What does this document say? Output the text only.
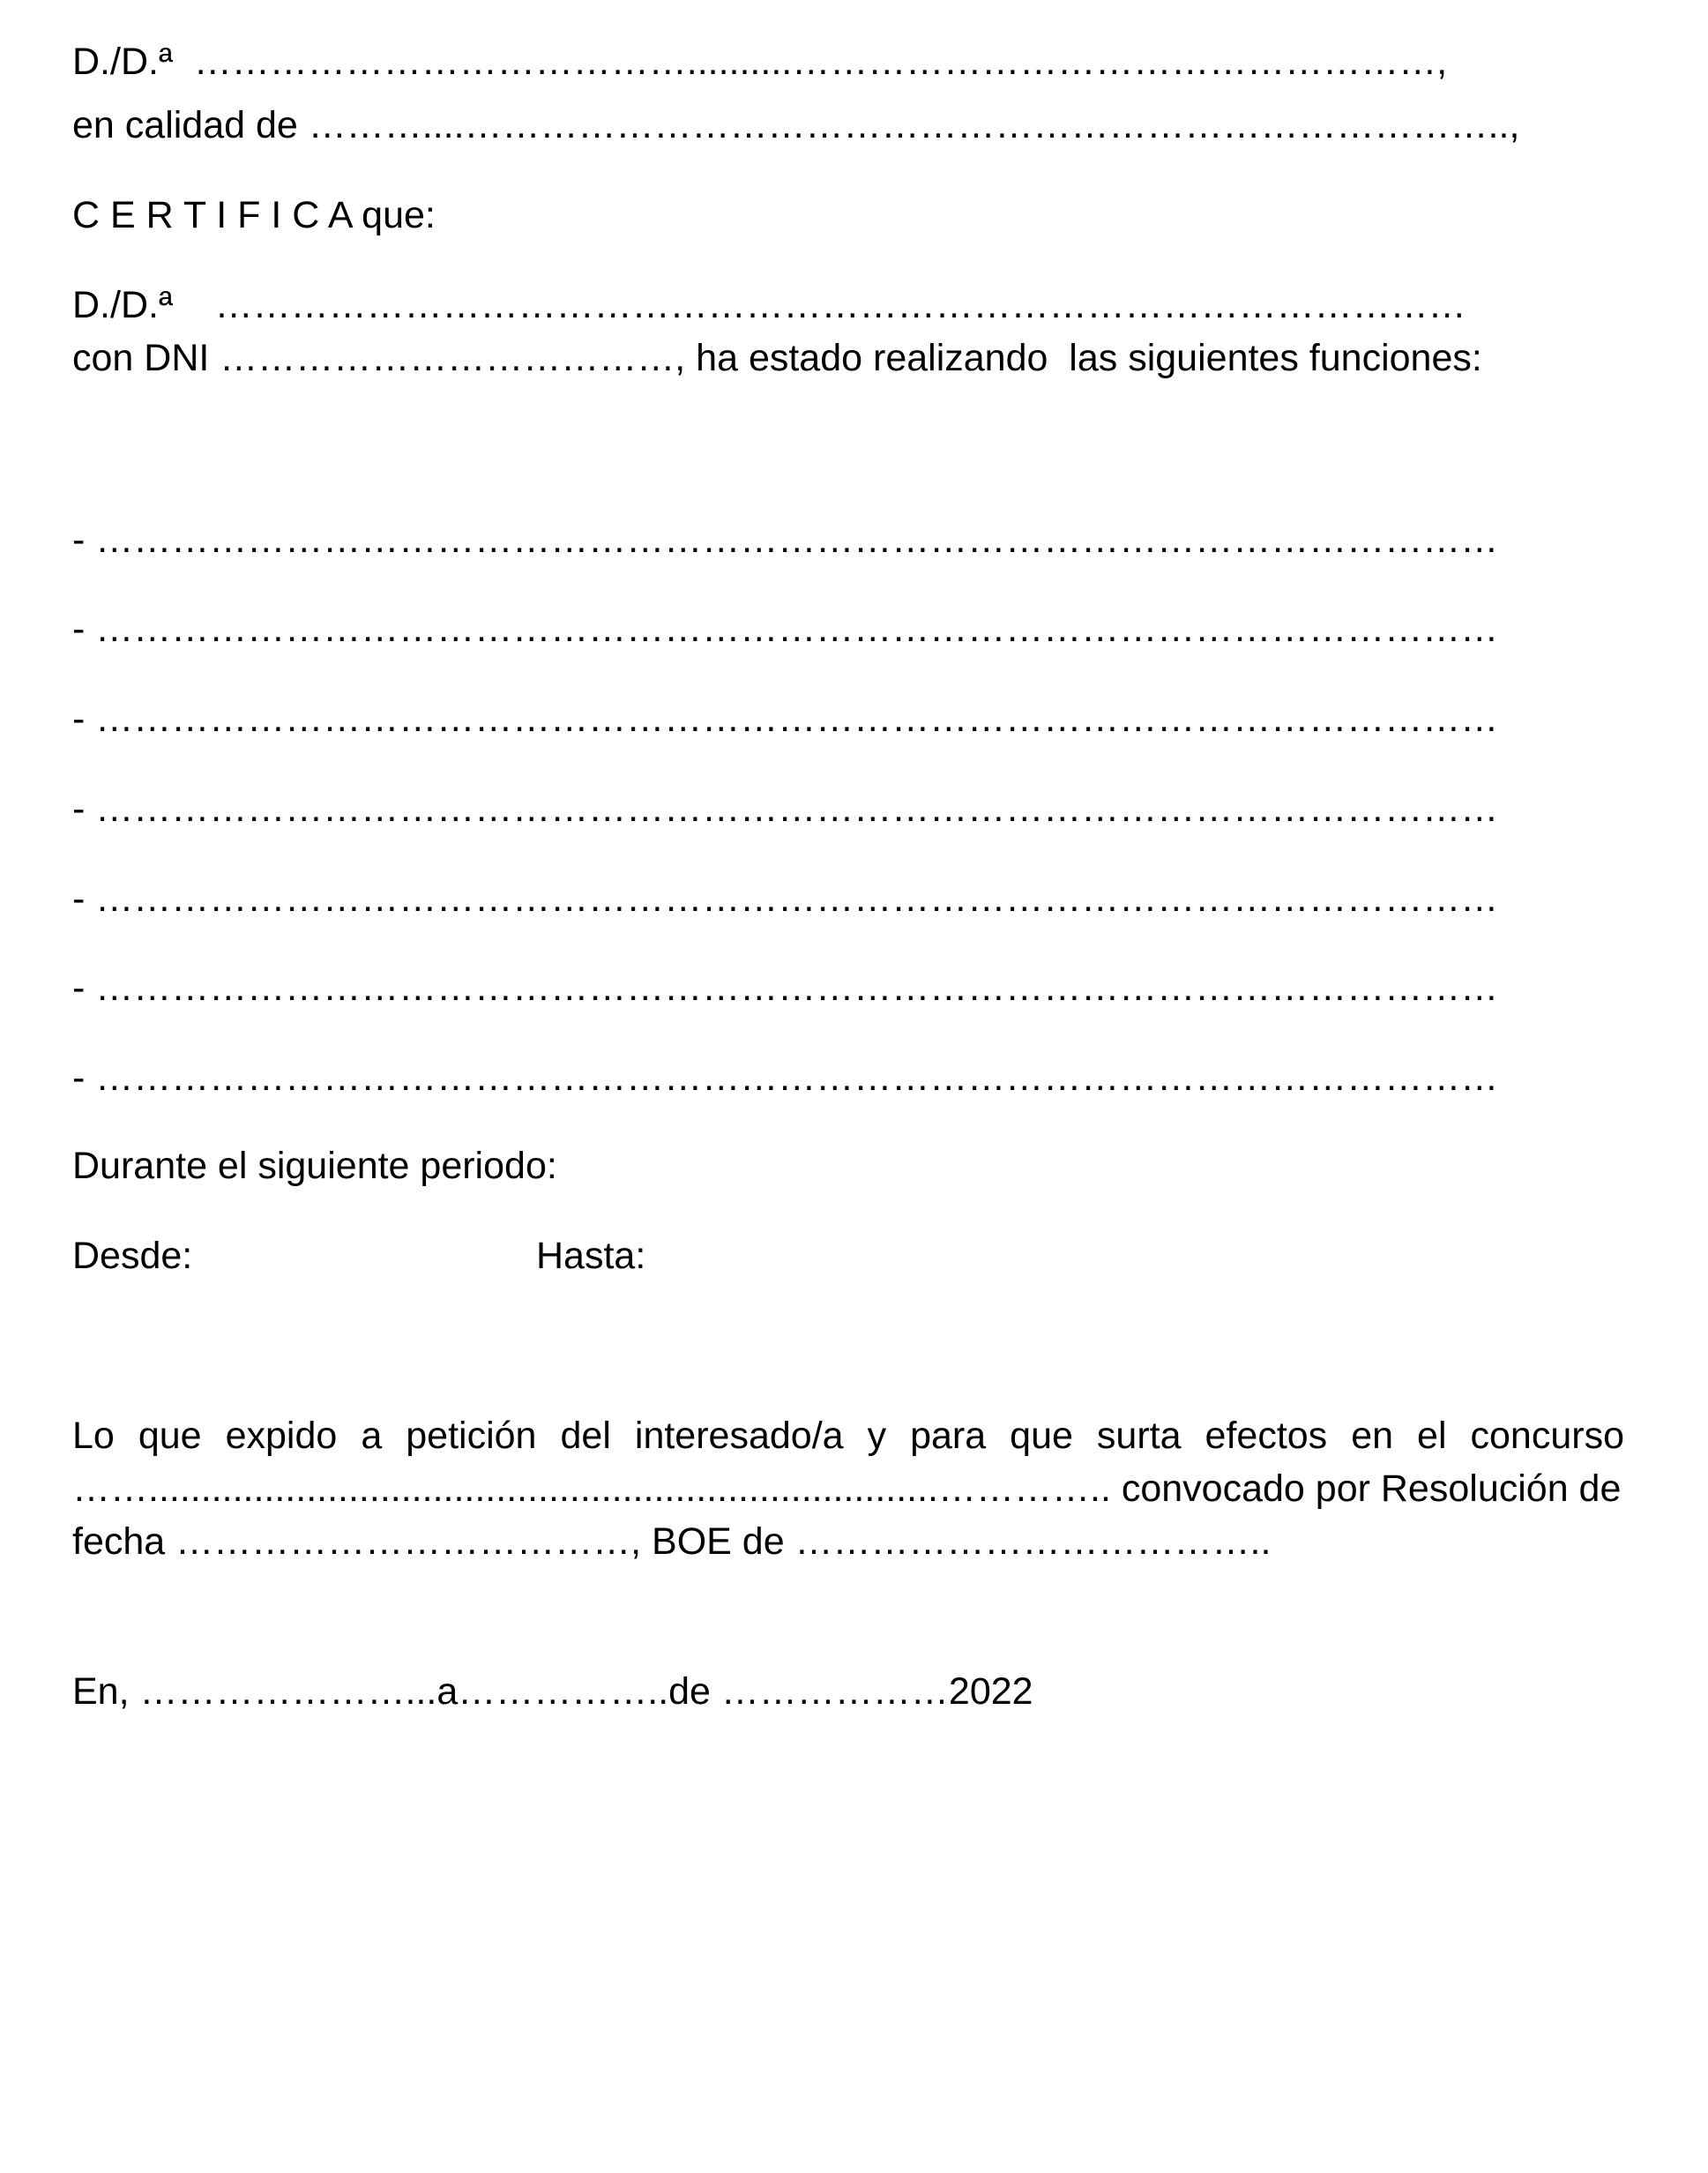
D./D.ª  …………………………………..........……………………………………………,
en calidad de ………....………………………………………………………………………..,
C E R T I F I C A que:
D./D.ª    ………………………………………………………………………………………
con DNI ………………………………, ha estado realizando  las siguientes funciones:
- …………………………………………………………………………………………………
- …………………………………………………………………………………………………
- …………………………………………………………………………………………………
- …………………………………………………………………………………………………
- …………………………………………………………………………………………………
- …………………………………………………………………………………………………
- …………………………………………………………………………………………………
Durante el siguiente periodo:
Desde:	Hasta:
Lo que expido a petición del interesado/a y para que surta efectos en el concurso
……...........................................................................………….. convocado por Resolución de
fecha ………………………………, BOE de ………………………………..
En, …………………...a……………..de ………………2022
